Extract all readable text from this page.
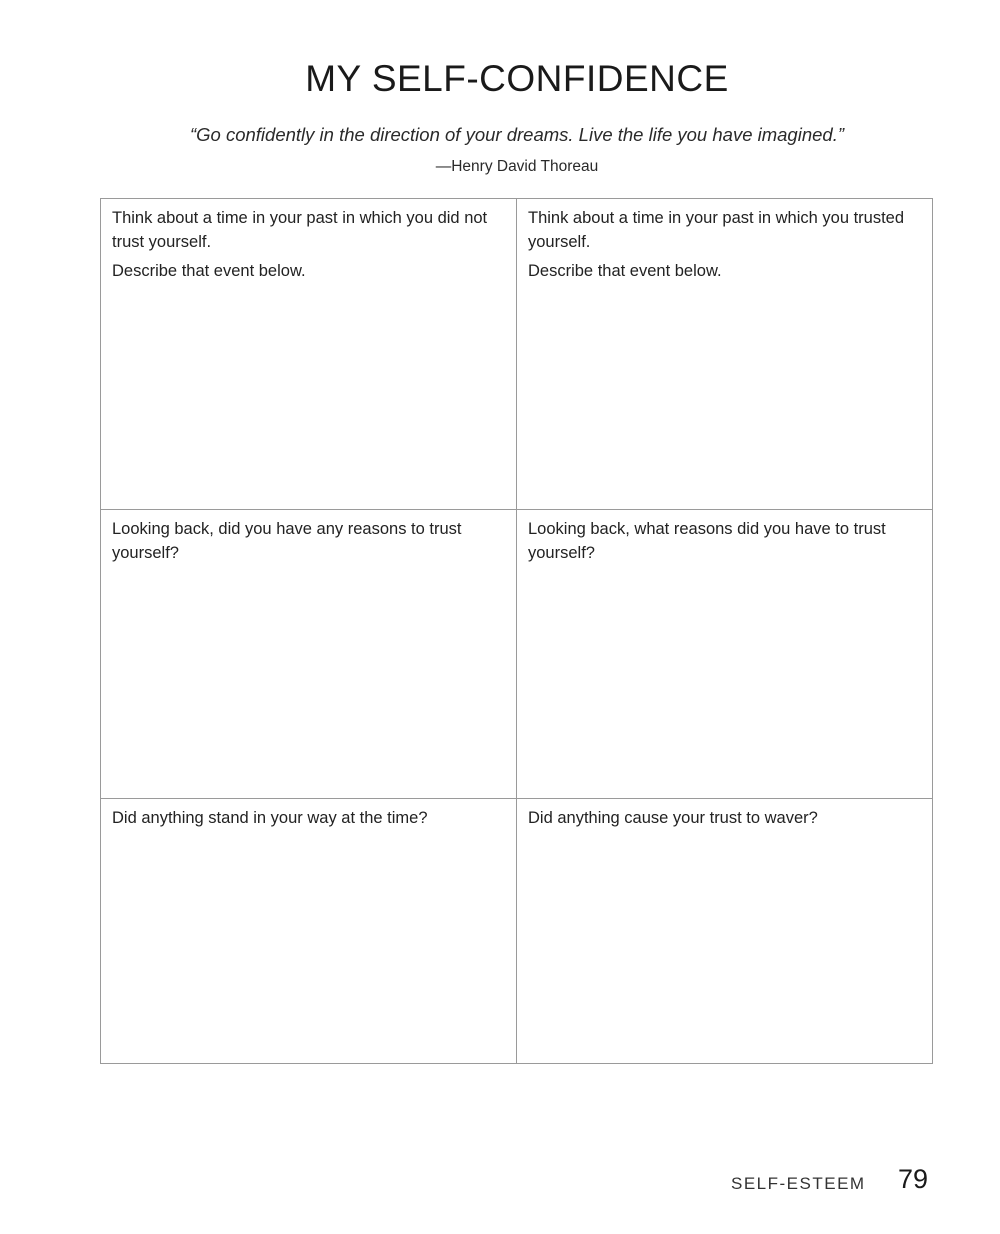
MY SELF-CONFIDENCE

“Go confidently in the direction of your dreams. Live the life you have imagined.”

—Henry David Thoreau

Think about a time in your past in which you did not trust yourself.

Describe that event below.

Think about a time in your past in which you trusted yourself.

Describe that event below.

Looking back, did you have any reasons to trust yourself?

Looking back, what reasons did you have to trust yourself?

Did anything stand in your way at the time?	Did anything cause your trust to waver?

SELF-ESTEEM 79
